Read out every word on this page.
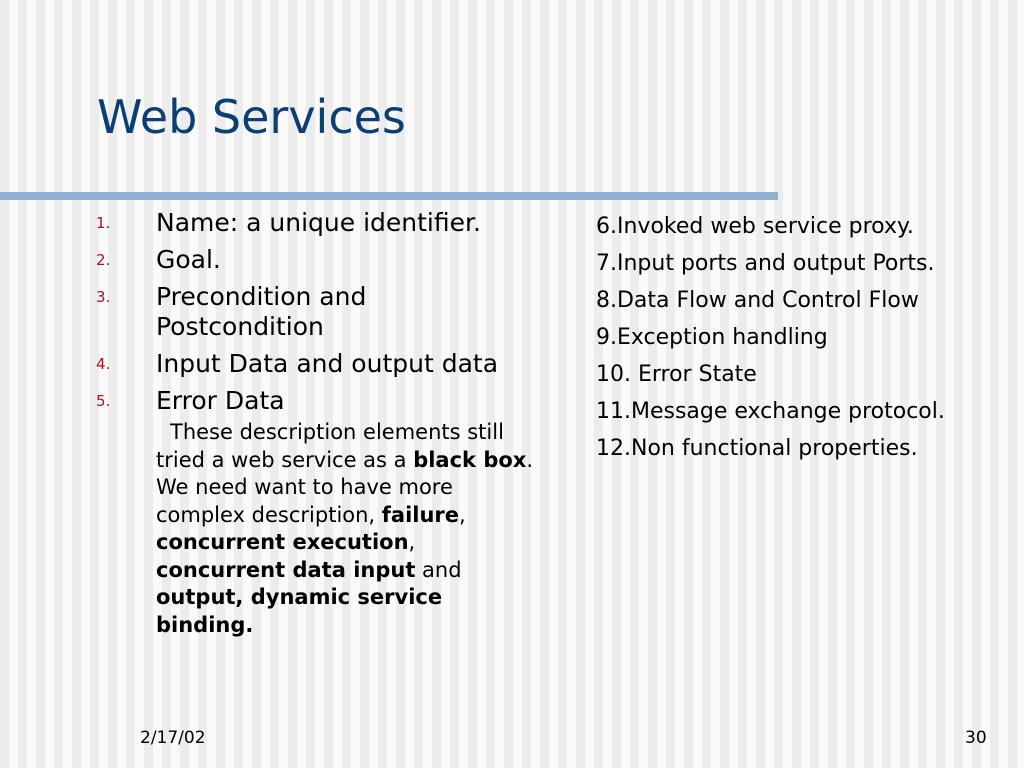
Web Services
1. Name: a unique identifier.
2. Goal.
3. Precondition and Postcondition
4. Input Data and output data
5. Error Data
These description elements still tried a web service as a black box. We need want to have more complex description, failure, concurrent execution, concurrent data input and output, dynamic service binding.
6.Invoked web service proxy.
7.Input ports and output Ports.
8.Data Flow and Control Flow
9.Exception handling
10. Error State
11.Message exchange protocol.
12.Non functional properties.
2/17/02	30
